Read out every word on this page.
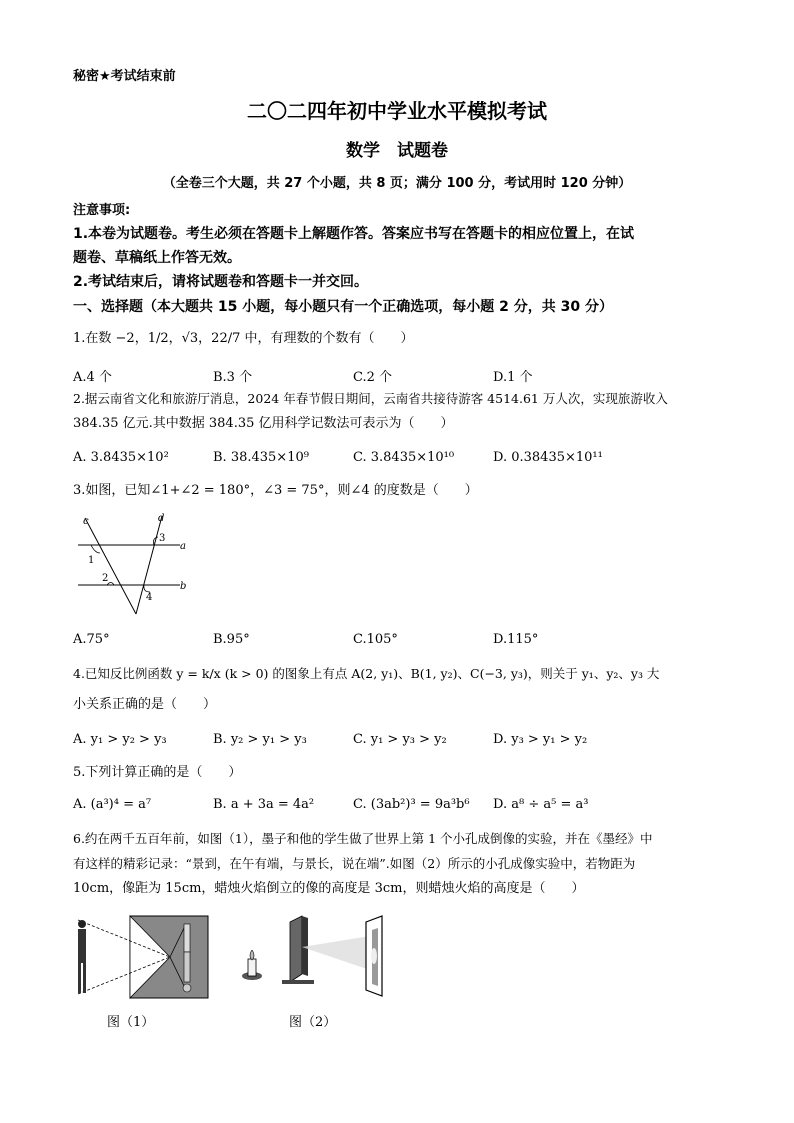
秘密★考试结束前
二〇二四年初中学业水平模拟考试
数学　试题卷
（全卷三个大题，共 27 个小题，共 8 页；满分 100 分，考试用时 120 分钟）
注意事项:
1.本卷为试题卷。考生必须在答题卡上解题作答。答案应书写在答题卡的相应位置上，在试
题卷、草稿纸上作答无效。
2.考试结束后，请将试题卷和答题卡一并交回。
一、选择题（本大题共 15 小题，每小题只有一个正确选项，每小题 2 分，共 30 分）
1.在数 −2，1/2，√3，22/7 中，有理数的个数有（　　）
A.4 个	B.3 个	C.2 个	D.1 个
2.据云南省文化和旅游厅消息，2024 年春节假日期间，云南省共接待游客 4514.61 万人次，实现旅游收入
384.35 亿元.其中数据 384.35 亿用科学记数法可表示为（　　）
A. 3.8435×10²	B. 38.435×10⁹	C. 3.8435×10¹⁰	D. 0.38435×10¹¹
3.如图，已知∠1+∠2 = 180°，∠3 = 75°，则∠4 的度数是（　　）
c	d
3
a
1
2
b
4
A.75°	B.95°	C.105°	D.115°
4.已知反比例函数 y = k/x (k > 0) 的图象上有点 A(2, y₁)、B(1, y₂)、C(−3, y₃)，则关于 y₁、y₂、y₃ 大
小关系正确的是（　　）
A. y₁ > y₂ > y₃	B. y₂ > y₁ > y₃	C. y₁ > y₃ > y₂	D. y₃ > y₁ > y₂
5.下列计算正确的是（　　）
A. (a³)⁴ = a⁷	B. a + 3a = 4a²	C. (3ab²)³ = 9a³b⁶ D. a⁸ ÷ a⁵ = a³
6.约在两千五百年前，如图（1），墨子和他的学生做了世界上第 1 个小孔成倒像的实验，并在《墨经》中
有这样的精彩记录：“景到，在午有端，与景长，说在端”.如图（2）所示的小孔成像实验中，若物距为
10cm，像距为 15cm，蜡烛火焰倒立的像的高度是 3cm，则蜡烛火焰的高度是（　　）
图（1）	图（2）
